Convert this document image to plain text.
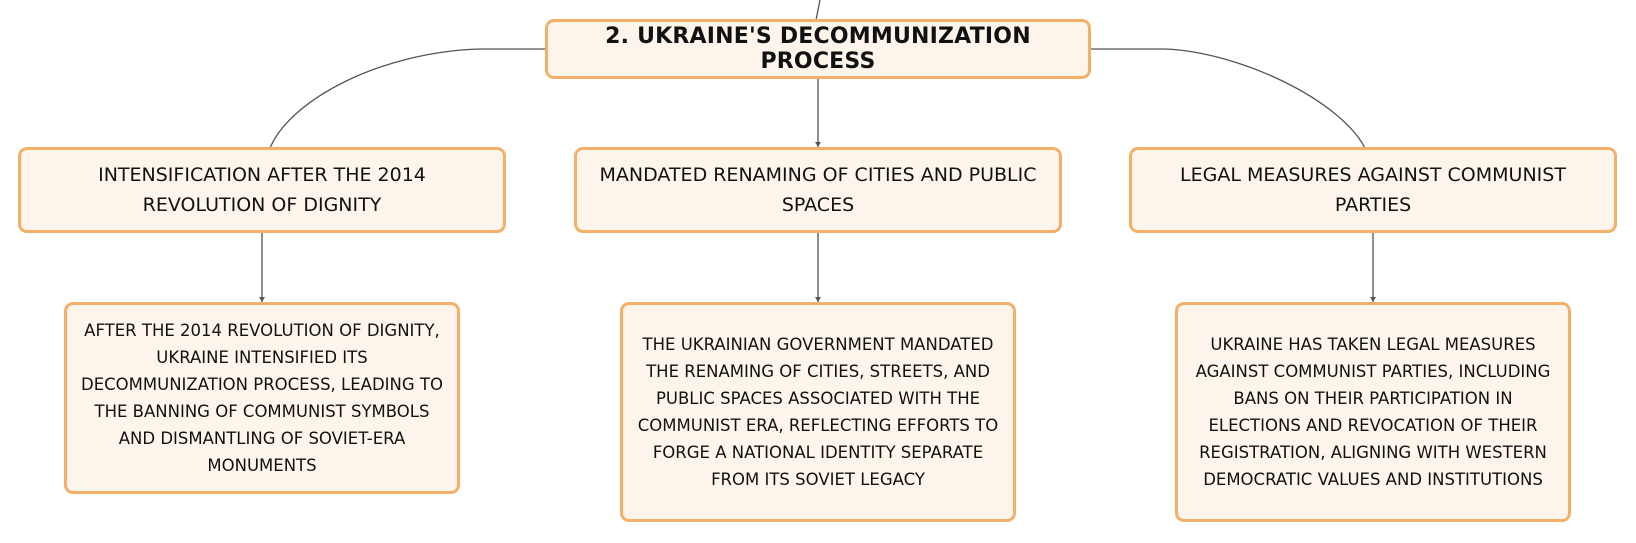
2. UKRAINE'S DECOMMUNIZATION PROCESS
INTENSIFICATION AFTER THE 2014 REVOLUTION OF DIGNITY
MANDATED RENAMING OF CITIES AND PUBLIC SPACES
LEGAL MEASURES AGAINST COMMUNIST PARTIES
AFTER THE 2014 REVOLUTION OF DIGNITY, UKRAINE INTENSIFIED ITS DECOMMUNIZATION PROCESS, LEADING TO THE BANNING OF COMMUNIST SYMBOLS AND DISMANTLING OF SOVIET-ERA MONUMENTS
THE UKRAINIAN GOVERNMENT MANDATED THE RENAMING OF CITIES, STREETS, AND PUBLIC SPACES ASSOCIATED WITH THE COMMUNIST ERA, REFLECTING EFFORTS TO FORGE A NATIONAL IDENTITY SEPARATE FROM ITS SOVIET LEGACY
UKRAINE HAS TAKEN LEGAL MEASURES AGAINST COMMUNIST PARTIES, INCLUDING BANS ON THEIR PARTICIPATION IN ELECTIONS AND REVOCATION OF THEIR REGISTRATION, ALIGNING WITH WESTERN DEMOCRATIC VALUES AND INSTITUTIONS
